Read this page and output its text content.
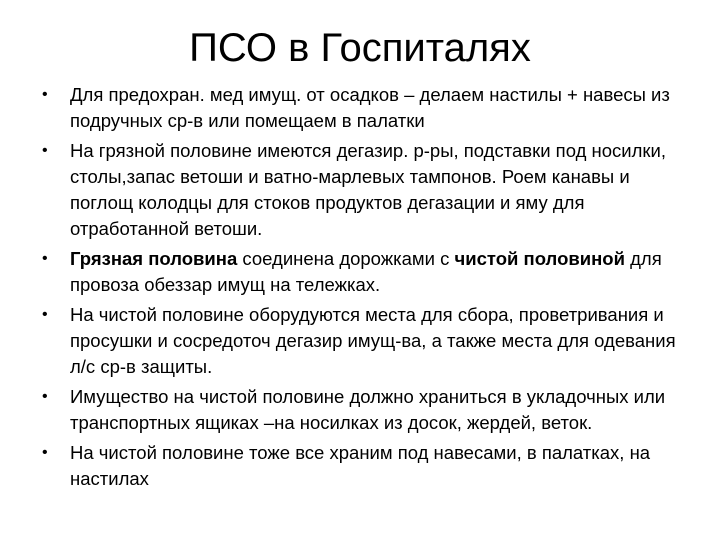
ПСО в Госпиталях
• Для предохран. мед имущ. от осадков – делаем настилы + навесы из подручных ср-в или помещаем в палатки
• На грязной половине имеются дегазир. р-ры, подставки под носилки, столы,запас ветоши и ватно-марлевых тампонов. Роем канавы и поглощ колодцы для стоков продуктов дегазации и яму для отработанной ветоши.
• Грязная половина соединена дорожками с чистой половиной для провоза обеззар имущ на тележках.
• На чистой половине оборудуются места для сбора, проветривания и просушки и сосредоточ дегазир имущ-ва, а также места для одевания л/с ср-в защиты.
• Имущество на чистой половине должно храниться в укладочных или транспортных ящиках –на носилках из досок, жердей, веток.
• На чистой половине тоже все храним под навесами, в палатках, на настилах
